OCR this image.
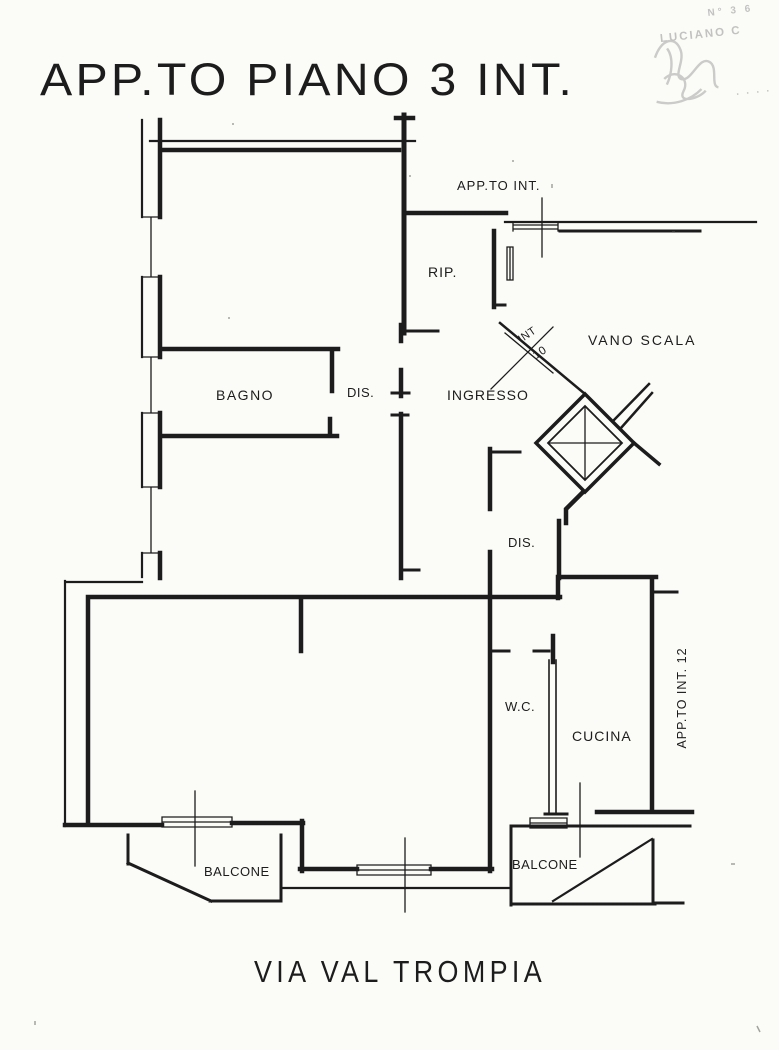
APP.TO PIANO 3 INT.
APP.TO INT.
RIP.
VANO SCALA
BAGNO	DIS.	INGRESSO
INT
10
DIS.
W.C.
CUCINA	APP.TO INT. 12
BALCONE	BALCONE
VIA VAL TROMPIA
N° 3 6
LUCIANO C
· · · ·
